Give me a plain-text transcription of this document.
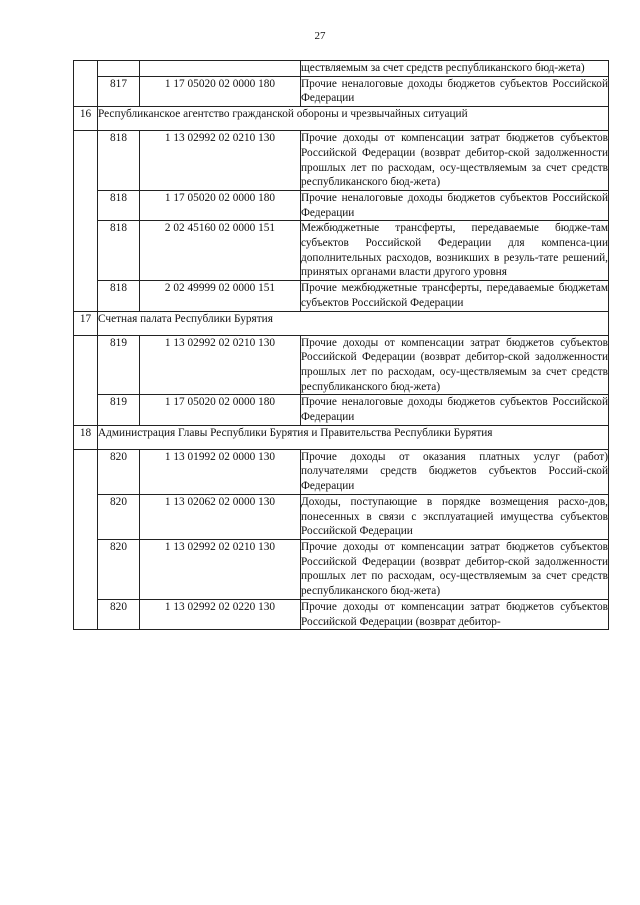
27
			ществляемым за счет средств республиканского бюд-жета)
	817	1 17 05020 02 0000 180	Прочие неналоговые доходы бюджетов субъектов Российской Федерации
16	Республиканское агентство гражданской обороны и чрезвычайных ситуаций		
	818	1 13 02992 02 0210 130	Прочие доходы от компенсации затрат бюджетов субъектов Российской Федерации (возврат дебитор-ской задолженности прошлых лет по расходам, осу-ществляемым за счет средств республиканского бюд-жета)
	818	1 17 05020 02 0000 180	Прочие неналоговые доходы бюджетов субъектов Российской Федерации
	818	2 02 45160 02 0000 151	Межбюджетные трансферты, передаваемые бюдже-там субъектов Российской Федерации для компенса-ции дополнительных расходов, возникших в резуль-тате решений, принятых органами власти другого уровня
	818	2 02 49999 02 0000 151	Прочие межбюджетные трансферты, передаваемые бюджетам субъектов Российской Федерации
17	Счетная палата Республики Бурятия		
	819	1 13 02992 02 0210 130	Прочие доходы от компенсации затрат бюджетов субъектов Российской Федерации (возврат дебитор-ской задолженности прошлых лет по расходам, осу-ществляемым за счет средств республиканского бюд-жета)
	819	1 17 05020 02 0000 180	Прочие неналоговые доходы бюджетов субъектов Российской Федерации
18	Администрация Главы Республики Бурятия и Правительства Республики Бурятия		
	820	1 13 01992 02 0000 130	Прочие доходы от оказания платных услуг (работ) получателями средств бюджетов субъектов Россий-ской Федерации
	820	1 13 02062 02 0000 130	Доходы, поступающие в порядке возмещения расхо-дов, понесенных в связи с эксплуатацией имущества субъектов Российской Федерации
	820	1 13 02992 02 0210 130	Прочие доходы от компенсации затрат бюджетов субъектов Российской Федерации (возврат дебитор-ской задолженности прошлых лет по расходам, осу-ществляемым за счет средств республиканского бюд-жета)
	820	1 13 02992 02 0220 130	Прочие доходы от компенсации затрат бюджетов субъектов Российской Федерации (возврат дебитор-
